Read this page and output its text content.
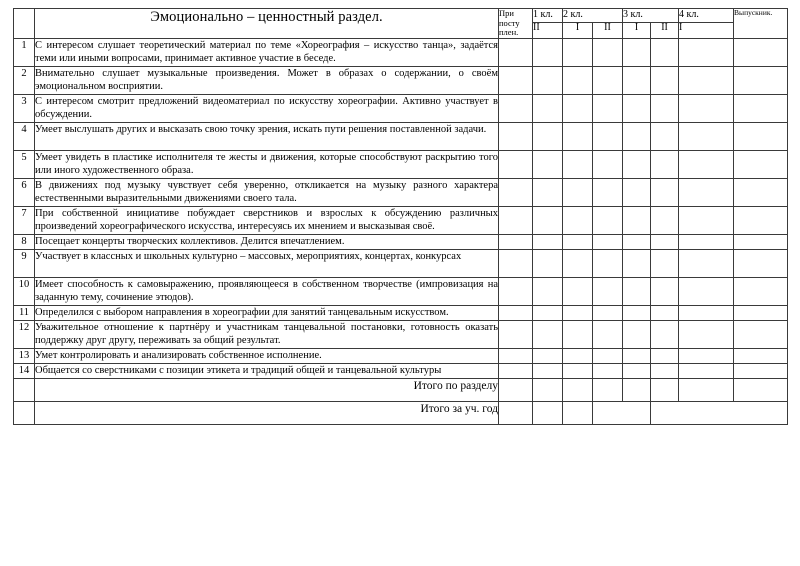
	Эмоционально – ценностный раздел.	При посту плен.	1 кл.	2 кл.		3 кл.		4 кл.	Выпускник.
			II	I	II	I	II	I	
1	С интересом слушает теоретический материал по теме «Хореография – искусство танца», задаётся теми или иными вопросами, принимает активное участие в беседе.								
2	Внимательно слушает музыкальные произведения. Может в образах о содержании, о своём эмоциональном восприятии.								
3	С интересом смотрит предложений видеоматериал по искусству хореографии. Активно участвует в обсуждении.								
4	Умеет выслушать других и высказать свою точку зрения, искать пути решения поставленной задачи.								
5	Умеет увидеть в пластике исполнителя те жесты и движения, которые способствуют раскрытию того или иного художественного образа.								
6	В движениях под музыку чувствует себя уверенно, откликается на музыку разного характера естественными выразительными движениями своего тала.								
7	При собственной инициативе побуждает сверстников и взрослых к обсуждению различных произведений хореографического искусства, интересуясь их мнением и высказывая своё.								
8	Посещает концерты творческих коллективов. Делится впечатлением.								
9	Участвует в классных и школьных культурно – массовых, мероприятиях, концертах, конкурсах								
10	Имеет способность к самовыражению, проявляющееся в собственном творчестве (импровизация на заданную тему, сочинение этюдов).								
11	Определился с выбором направления в хореографии для занятий танцевальным искусством.								
12	Уважительное отношение к партнёру и участникам танцевальной постановки, готовность оказать поддержку друг другу, переживать за общий результат.								
13	Умет контролировать и анализировать собственное исполнение.								
14	Общается со сверстниками с позиции этикета и традиций общей и танцевальной культуры								
	Итого по разделу								
	Итого за уч. год								
